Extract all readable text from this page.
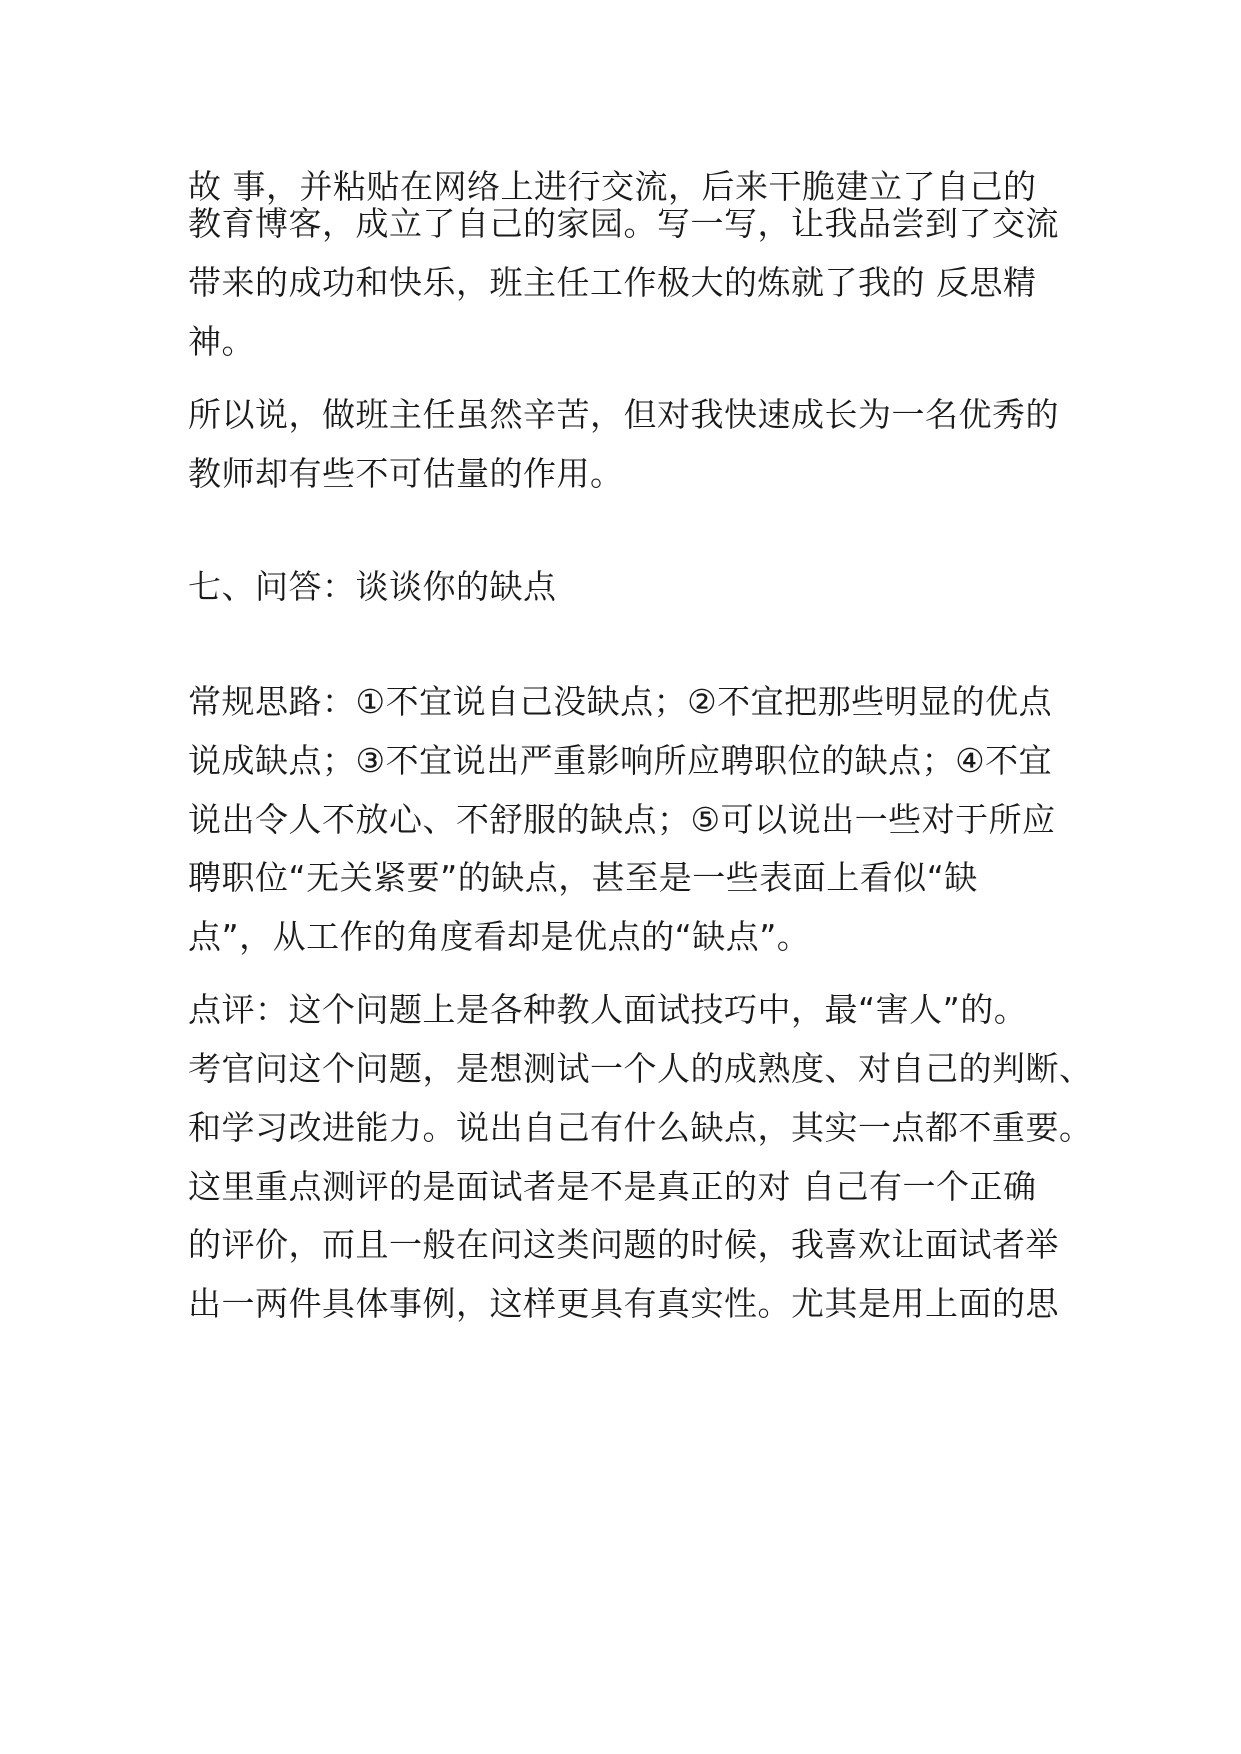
故 事，并粘贴在网络上进行交流，后来干脆建立了自己的
教育博客，成立了自己的家园。写一写，让我品尝到了交流
带来的成功和快乐，班主任工作极大的炼就了我的 反思精
神。
所以说，做班主任虽然辛苦，但对我快速成长为一名优秀的
教师却有些不可估量的作用。
七、问答：谈谈你的缺点
常规思路：①不宜说自己没缺点；②不宜把那些明显的优点
说成缺点；③不宜说出严重影响所应聘职位的缺点；④不宜
说出令人不放心、不舒服的缺点；⑤可以说出一些对于所应
聘职位“无关紧要”的缺点，甚至是一些表面上看似“缺
点”，从工作的角度看却是优点的“缺点”。
点评：这个问题上是各种教人面试技巧中，最“害人”的。
考官问这个问题，是想测试一个人的成熟度、对自己的判断、
和学习改进能力。说出自己有什么缺点，其实一点都不重要。
这里重点测评的是面试者是不是真正的对 自己有一个正确
的评价，而且一般在问这类问题的时候，我喜欢让面试者举
出一两件具体事例，这样更具有真实性。尤其是用上面的思
